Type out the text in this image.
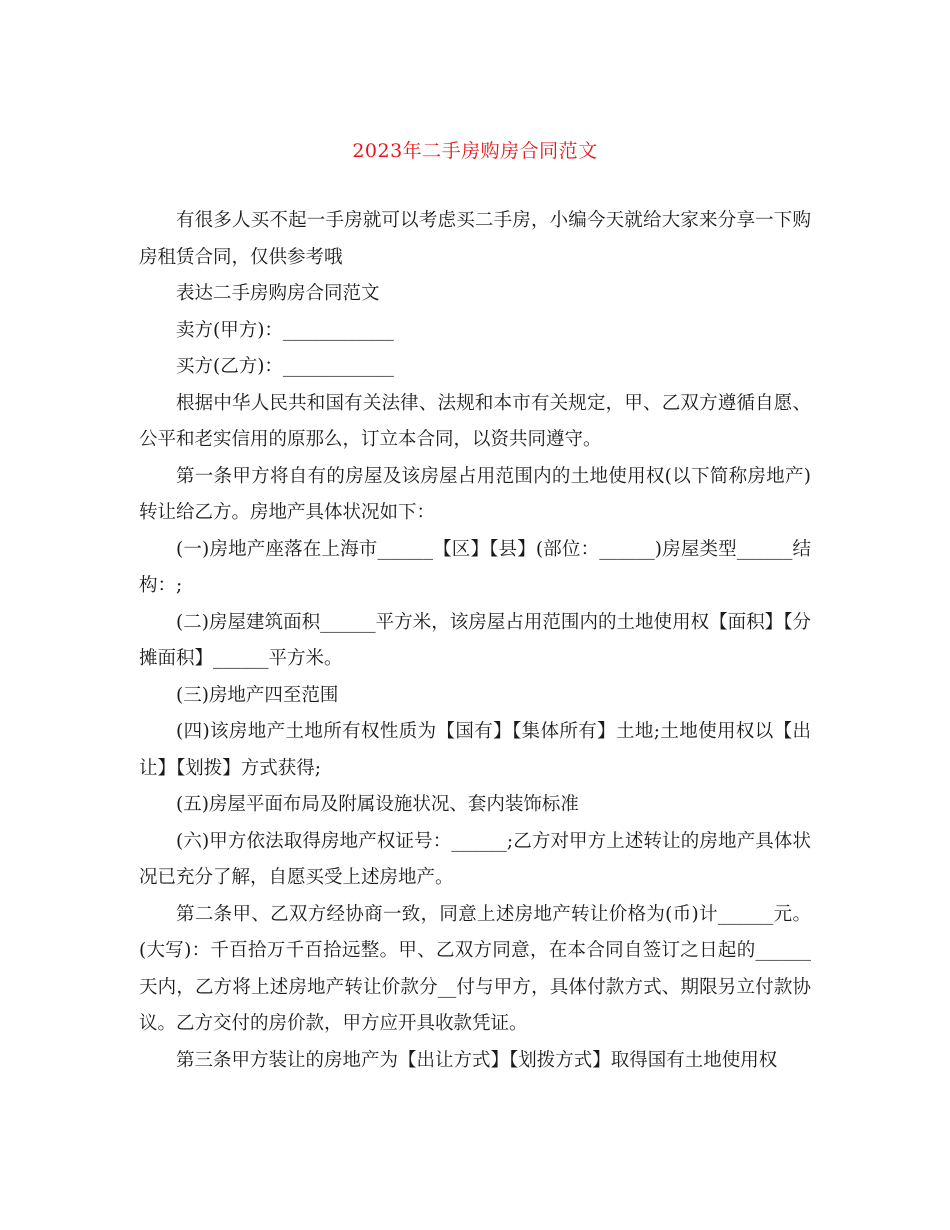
2023年二手房购房合同范文

有很多人买不起一手房就可以考虑买二手房，小编今天就给大家来分享一下购房租赁合同，仅供参考哦

表达二手房购房合同范文

卖方(甲方)：____________

买方(乙方)：____________

根据中华人民共和国有关法律、法规和本市有关规定，甲、乙双方遵循自愿、公平和老实信用的原那么，订立本合同，以资共同遵守。

第一条甲方将自有的房屋及该房屋占用范围内的土地使用权(以下简称房地产)转让给乙方。房地产具体状况如下：

(一)房地产座落在上海市______【区】【县】(部位：______)房屋类型______结构：;

(二)房屋建筑面积______平方米，该房屋占用范围内的土地使用权【面积】【分摊面积】______平方米。

(三)房地产四至范围

(四)该房地产土地所有权性质为【国有】【集体所有】土地;土地使用权以【出让】【划拨】方式获得;

(五)房屋平面布局及附属设施状况、套内装饰标准

(六)甲方依法取得房地产权证号：______;乙方对甲方上述转让的房地产具体状况已充分了解，自愿买受上述房地产。

第二条甲、乙双方经协商一致，同意上述房地产转让价格为(币)计______元。(大写)：千百拾万千百拾远整。甲、乙双方同意，在本合同自签订之日起的______天内，乙方将上述房地产转让价款分__付与甲方，具体付款方式、期限另立付款协议。乙方交付的房价款，甲方应开具收款凭证。

第三条甲方装让的房地产为【出让方式】【划拨方式】取得国有土地使用权
